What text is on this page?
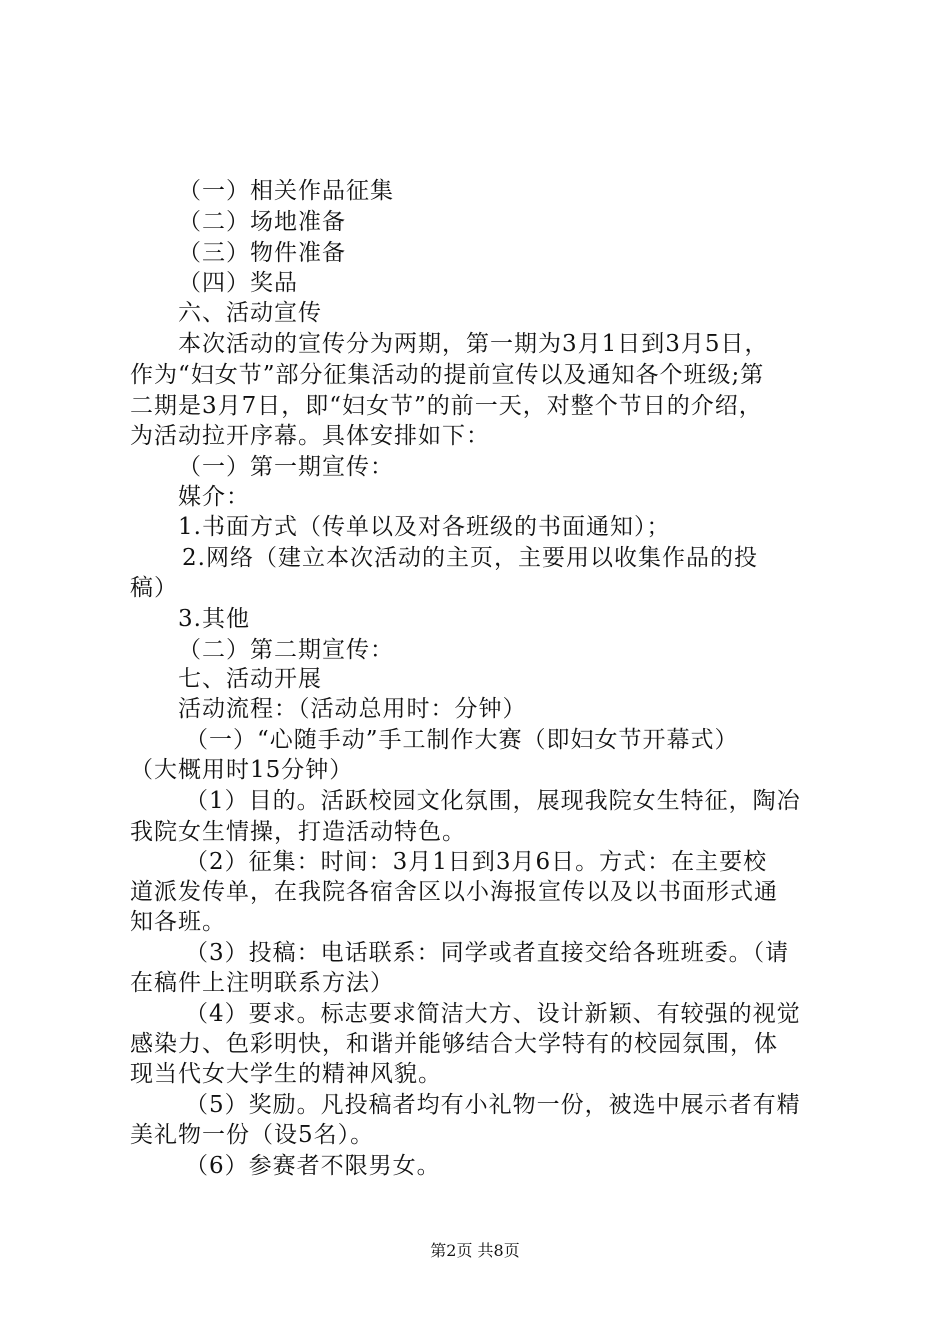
（一）相关作品征集
（二）场地准备
（三）物件准备
（四）奖品
六、活动宣传
本次活动的宣传分为两期，第一期为3月1日到3月5日，
作为“妇女节”部分征集活动的提前宣传以及通知各个班级;第
二期是3月7日，即“妇女节”的前一天，对整个节日的介绍，
为活动拉开序幕。具体安排如下：
（一）第一期宣传：
媒介：
1.书面方式（传单以及对各班级的书面通知）；
2.网络（建立本次活动的主页，主要用以收集作品的投
稿）
3.其他
（二）第二期宣传：
七、活动开展
活动流程：（活动总用时：分钟）
（一）“心随手动”手工制作大赛（即妇女节开幕式）
（大概用时15分钟）
（1）目的。活跃校园文化氛围，展现我院女生特征，陶冶
我院女生情操，打造活动特色。
（2）征集：时间：3月1日到3月6日。方式：在主要校
道派发传单，在我院各宿舍区以小海报宣传以及以书面形式通
知各班。
（3）投稿：电话联系：同学或者直接交给各班班委。（请
在稿件上注明联系方法）
（4）要求。标志要求简洁大方、设计新颖、有较强的视觉
感染力、色彩明快，和谐并能够结合大学特有的校园氛围，体
现当代女大学生的精神风貌。
（5）奖励。凡投稿者均有小礼物一份，被选中展示者有精
美礼物一份（设5名）。
（6）参赛者不限男女。
第2页 共8页
